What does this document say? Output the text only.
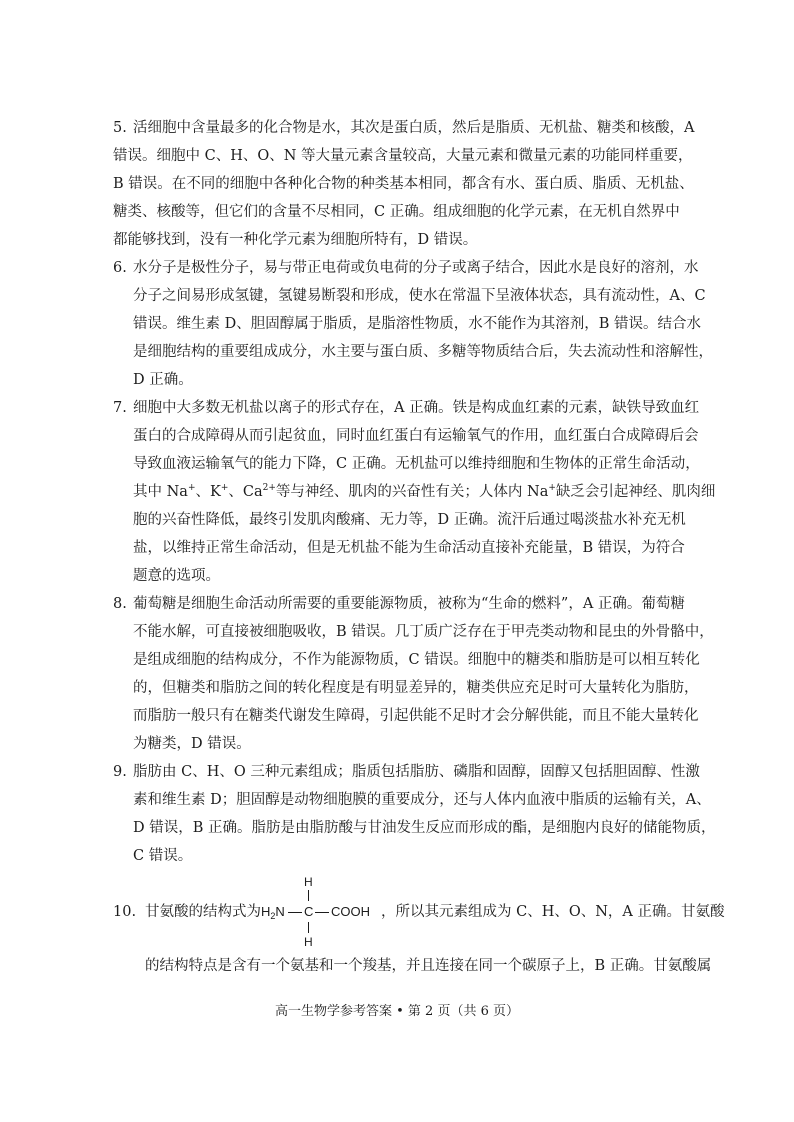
5. 活细胞中含量最多的化合物是水，其次是蛋白质，然后是脂质、无机盐、糖类和核酸，A
错误。细胞中 C、H、O、N 等大量元素含量较高，大量元素和微量元素的功能同样重要，
B 错误。在不同的细胞中各种化合物的种类基本相同，都含有水、蛋白质、脂质、无机盐、
糖类、核酸等，但它们的含量不尽相同，C 正确。组成细胞的化学元素，在无机自然界中
都能够找到，没有一种化学元素为细胞所特有，D 错误。
6. 水分子是极性分子，易与带正电荷或负电荷的分子或离子结合，因此水是良好的溶剂，水
分子之间易形成氢键，氢键易断裂和形成，使水在常温下呈液体状态，具有流动性，A、C
错误。维生素 D、胆固醇属于脂质，是脂溶性物质，水不能作为其溶剂，B 错误。结合水
是细胞结构的重要组成成分，水主要与蛋白质、多糖等物质结合后，失去流动性和溶解性，
D 正确。
7. 细胞中大多数无机盐以离子的形式存在，A 正确。铁是构成血红素的元素，缺铁导致血红
蛋白的合成障碍从而引起贫血，同时血红蛋白有运输氧气的作用，血红蛋白合成障碍后会
导致血液运输氧气的能力下降，C 正确。无机盐可以维持细胞和生物体的正常生命活动，
其中 Na+、K+、$Ca^{2+}$等与神经、肌肉的兴奋性有关；人体内 Na+缺乏会引起神经、肌肉细
胞的兴奋性降低，最终引发肌肉酸痛、无力等，D 正确。流汗后通过喝淡盐水补充无机
盐，以维持正常生命活动，但是无机盐不能为生命活动直接补充能量，B 错误，为符合
题意的选项。
8. 葡萄糖是细胞生命活动所需要的重要能源物质，被称为“生命的燃料”，A 正确。葡萄糖
不能水解，可直接被细胞吸收，B 错误。几丁质广泛存在于甲壳类动物和昆虫的外骨骼中，
是组成细胞的结构成分，不作为能源物质，C 错误。细胞中的糖类和脂肪是可以相互转化
的，但糖类和脂肪之间的转化程度是有明显差异的，糖类供应充足时可大量转化为脂肪，
而脂肪一般只有在糖类代谢发生障碍，引起供能不足时才会分解供能，而且不能大量转化
为糖类，D 错误。
9. 脂肪由 C、H、O 三种元素组成；脂质包括脂肪、磷脂和固醇，固醇又包括胆固醇、性激
素和维生素 D；胆固醇是动物细胞膜的重要成分，还与人体内血液中脂质的运输有关，A、
D 错误，B 正确。脂肪是由脂肪酸与甘油发生反应而形成的酯，是细胞内良好的储能物质，
C 错误。
10. 甘氨酸的结构式为 $H_2N$ C COOH
H
H
，所以其元素组成为 C、H、O、N，A 正确。甘氨酸
的结构特点是含有一个氨基和一个羧基，并且连接在同一个碳原子上，B 正确。甘氨酸属
高一生物学参考答案 • 第 2 页（共 6 页）
